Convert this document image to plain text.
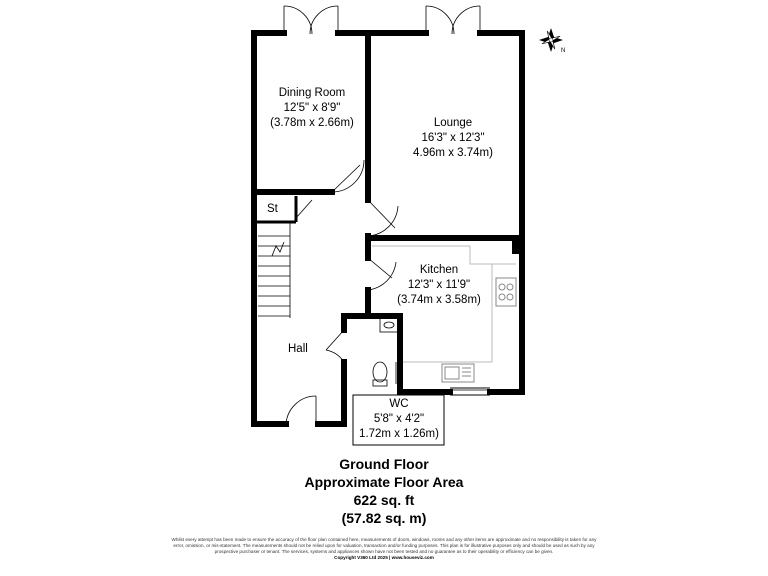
N
Dining Room
12'5" x 8'9"
(3.78m x 2.66m)	Lounge
16'3" x 12'3"
4.96m x 3.74m)
Kitchen
12'3" x 11'9"
(3.74m x 3.58m)
WC
5'8" x 4'2"
1.72m x 1.26m)
Hall
St
Ground Floor
Approximate Floor Area
622 sq. ft
(57.82 sq. m)
Whilst every attempt has been made to ensure the accuracy of the floor plan contained here, measurements of doors, windows, rooms and any other items are approximate and no responsibility is taken for any error, omission, or mis-statement. The measurements should not be relied upon for valuation, transaction and/or funding purposes. This plan is for illustrative purposes only and should be used as such by any prospective purchaser or tenant. The services, systems and appliances shown have not been tested and no guarantee as to their operability or efficiency can be given.
Copyright V360 Ltd 2025 | www.houseviz.com
